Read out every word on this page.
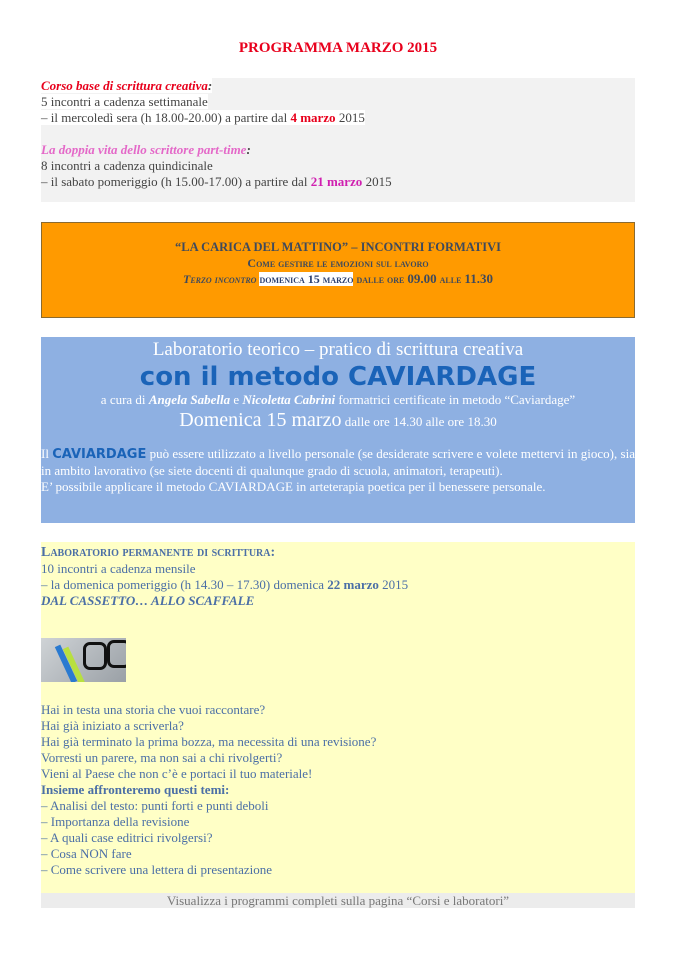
PROGRAMMA MARZO 2015
Corso base di scrittura creativa:
5 incontri a cadenza settimanale
– il mercoledì sera (h 18.00-20.00) a partire dal 4 marzo 2015
La doppia vita dello scrittore part-time:
8 incontri a cadenza quindicinale
– il sabato pomeriggio (h 15.00-17.00) a partire dal 21 marzo 2015
“LA CARICA DEL MATTINO” – INCONTRI FORMATIVI
Come gestire le emozioni sul lavoro
Terzo incontro domenica 15 marzo dalle ore 09.00 alle 11.30
Laboratorio teorico – pratico di scrittura creativa
con il metodo CAVIARDAGE
a cura di Angela Sabella e Nicoletta Cabrini formatrici certificate in metodo “Caviardage”
Domenica 15 marzo dalle ore 14.30 alle ore 18.30
Il CAVIARDAGE può essere utilizzato a livello personale (se desiderate scrivere e volete mettervi in gioco), sia in ambito lavorativo (se siete docenti di qualunque grado di scuola, animatori, terapeuti).
E’ possibile applicare il metodo CAVIARDAGE in arteterapia poetica per il benessere personale.
Laboratorio permanente di scrittura:
10 incontri a cadenza mensile
– la domenica pomeriggio (h 14.30 – 17.30) domenica 22 marzo 2015
DAL CASSETTO… ALLO SCAFFALE
Hai in testa una storia che vuoi raccontare?
Hai già iniziato a scriverla?
Hai già terminato la prima bozza, ma necessita di una revisione?
Vorresti un parere, ma non sai a chi rivolgerti?
Vieni al Paese che non c’è e portaci il tuo materiale!
Insieme affronteremo questi temi:
– Analisi del testo: punti forti e punti deboli
– Importanza della revisione
– A quali case editrici rivolgersi?
– Cosa NON fare
– Come scrivere una lettera di presentazione
Visualizza i programmi completi sulla pagina “Corsi e laboratori”
